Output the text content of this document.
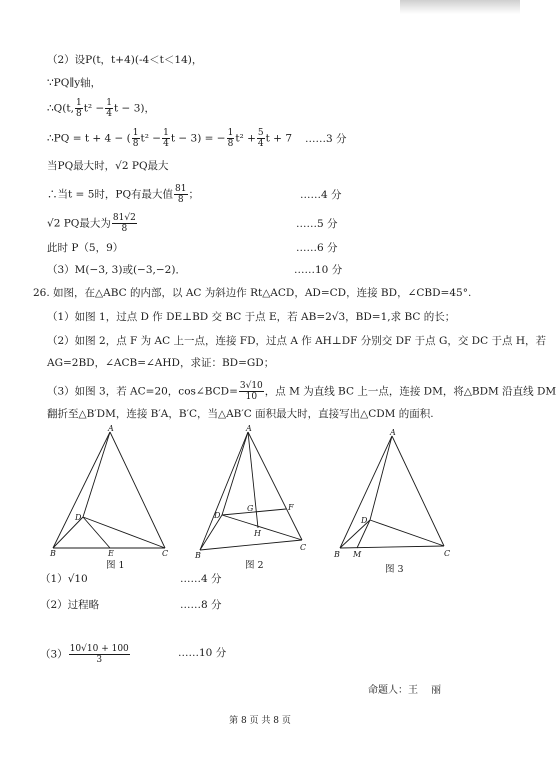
（2）设P(t，t+4)(-4＜t＜14)，
∵PQ∥y轴，
∴Q(t, $\frac{1}{8} t^2 - \frac{1}{4}$ t − 3)，
∴PQ = t + 4 − ( $\frac{1}{8} t^2 - \frac{1}{4}$ t − 3) = − $\frac{1}{8} t^2 + \frac{5}{4}$ t + 7 ……3 分
当PQ最大时，√2 PQ最大
∴当t = 5时，PQ有最大值 $\frac{81}{8}$ ；	……4 分
√2 PQ最大为 $\frac{81√2}{8}$	……5 分
此时 P（5，9）	……6 分
（3）M(−3, 3)或(−3,−2)．	……10 分
26. 如图，在△ABC 的内部，以 AC 为斜边作 Rt△ACD，AD=CD，连接 BD，∠CBD=45°.
（1）如图 1，过点 D 作 DE⊥BD 交 BC 于点 E，若 AB=2√3，BD=1,求 BC 的长；
（2）如图 2，点 F 为 AC 上一点，连接 FD，过点 A 作 AH⊥DF 分别交 DF 于点 G，交 DC 于点 H，若
AG=2BD，∠ACB=∠AHD，求证：BD=GD；
（3）如图 3，若 AC=20，cos∠BCD= $\frac{3√10}{10}$ ，点 M 为直线 BC 上一点，连接 DM，将△BDM 沿直线 DM
翻折至△B′DM，连接 B′A，B′C，当△AB′C 面积最大时，直接写出△CDM 的面积.
A
B	C
D
E
图 1
A
B
C
D
F
G
H
图 2
A
B	C
D
M
图 3
（1）√10	……4 分
（2）过程略	……8 分
$(3) \frac{10√10 + 100}{3}$	……10 分
命题人：王　 丽
第 8 页 共 8 页
